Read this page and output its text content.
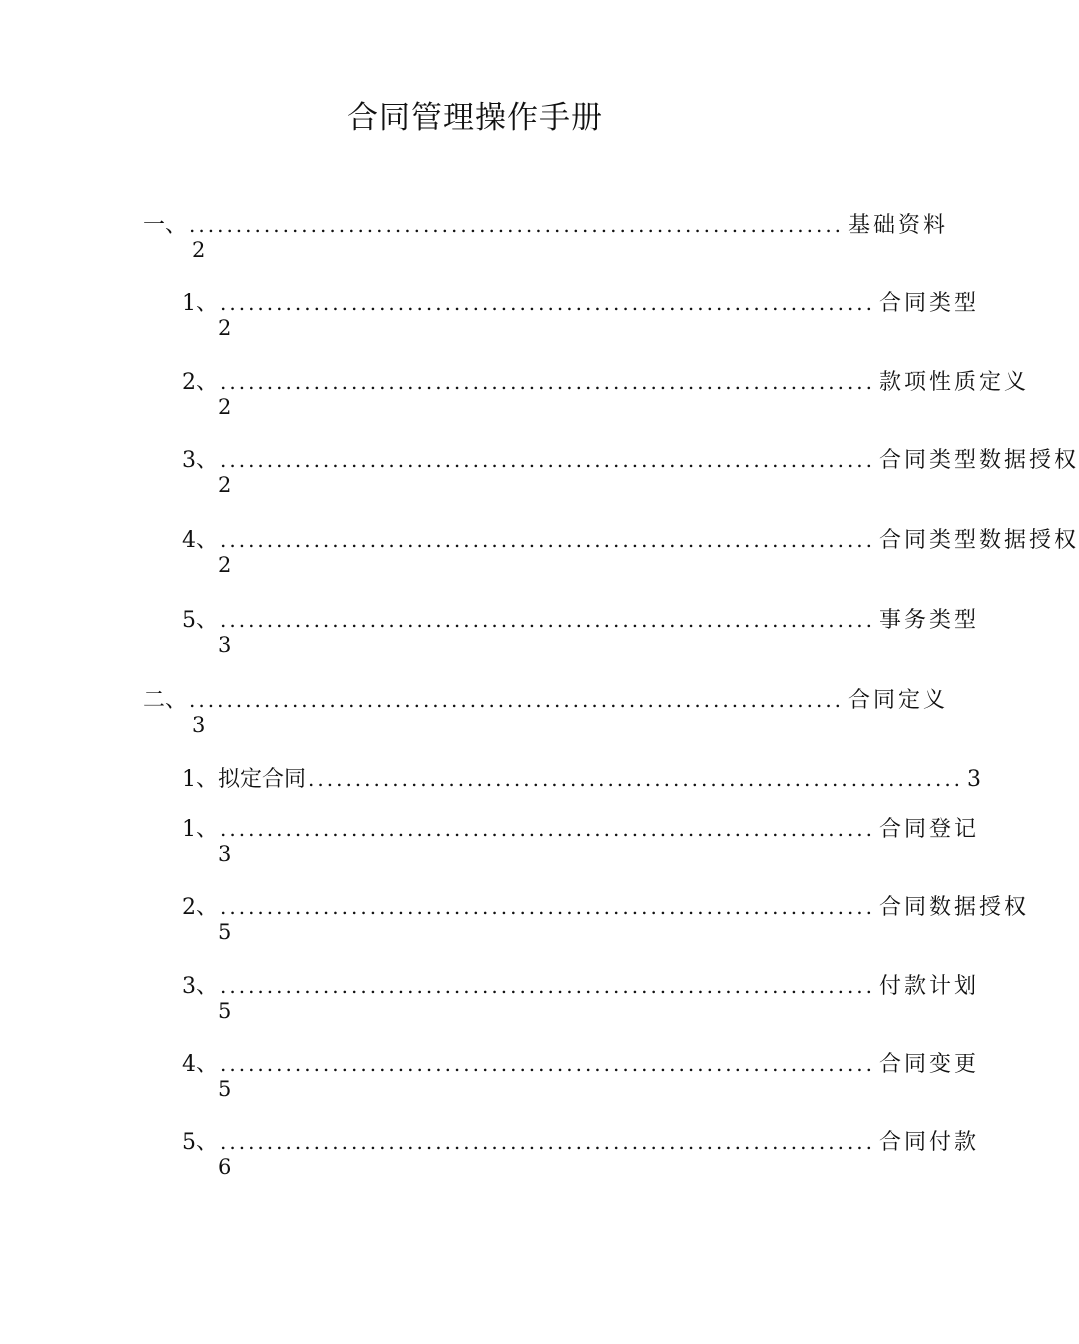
合同管理操作手册
一、 ...................................................................... 基础资料
2
1、 ...................................................................... 合同类型
2
2、 ...................................................................... 款项性质定义
2
3、 ...................................................................... 合同类型数据授权
2
4、 ...................................................................... 合同类型数据授权
2
5、 ...................................................................... 事务类型
3
二、 ...................................................................... 合同定义
3
1、 拟定合同 ...................................................................... 3
1、 ...................................................................... 合同登记
3
2、 ...................................................................... 合同数据授权
5
3、 ...................................................................... 付款计划
5
4、 ...................................................................... 合同变更
5
5、 ...................................................................... 合同付款
6
